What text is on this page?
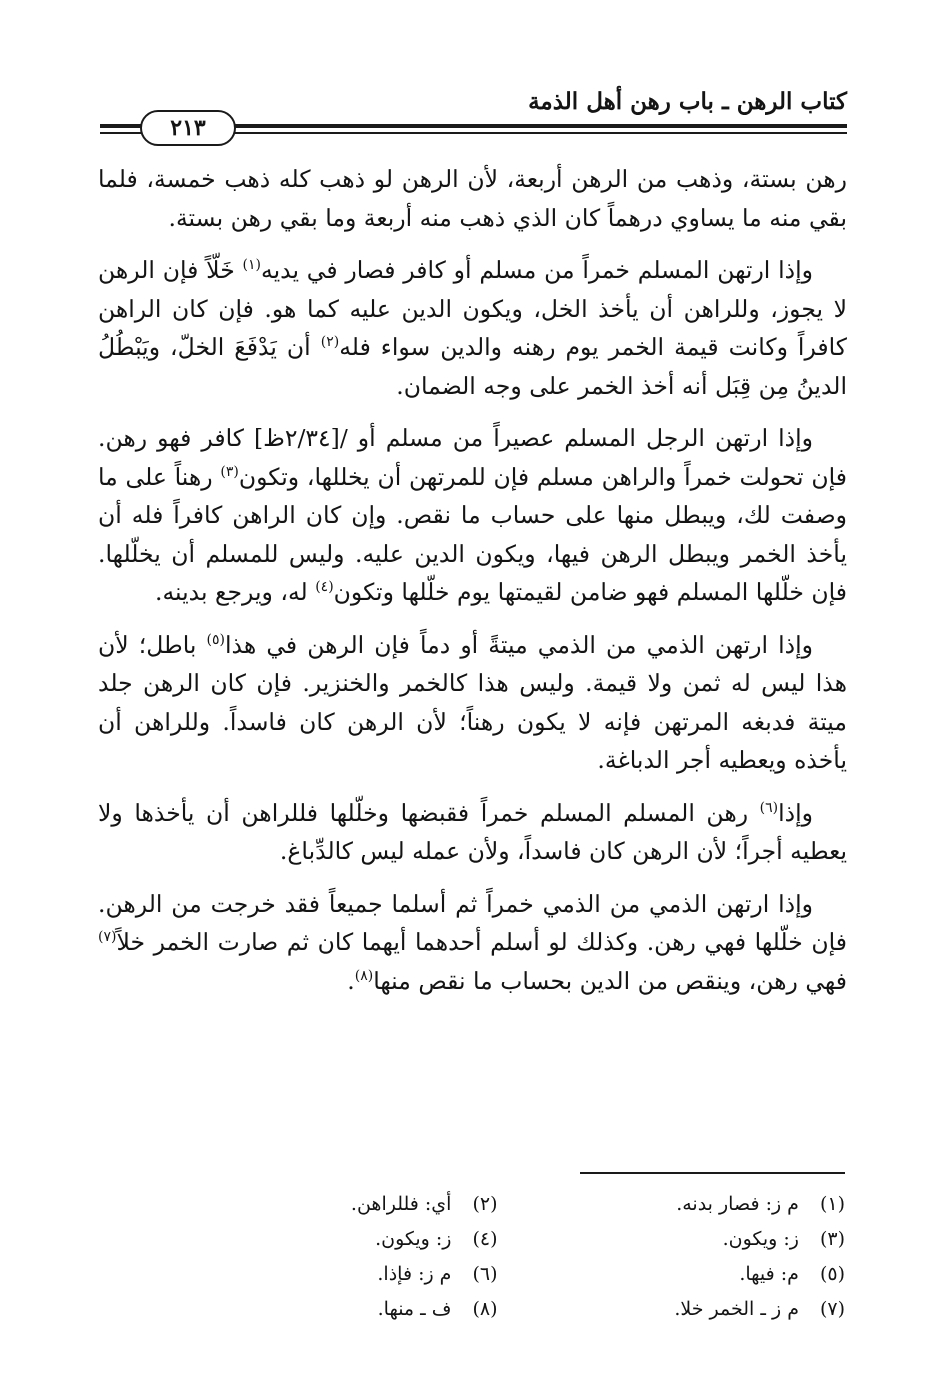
كتاب الرهن ـ باب رهن أهل الذمة
٢١٣

رهن بستة، وذهب من الرهن أربعة، لأن الرهن لو ذهب كله ذهب خمسة، فلما بقي منه ما يساوي درهماً كان الذي ذهب منه أربعة وما بقي رهن بستة.

وإذا ارتهن المسلم خمراً من مسلم أو كافر فصار في يديه$^{(١)}$ خَلّاً فإن الرهن لا يجوز، وللراهن أن يأخذ الخل، ويكون الدين عليه كما هو. فإن كان الراهن كافراً وكانت قيمة الخمر يوم رهنه والدين سواء فله$^{(٢)}$ أن يَدْفَعَ الخلّ، ويَبْطُلُ الدينُ مِن قِبَل أنه أخذ الخمر على وجه الضمان.

وإذا ارتهن الرجل المسلم عصيراً من مسلم أو /[٢/٣٤ظ] كافر فهو رهن. فإن تحولت خمراً والراهن مسلم فإن للمرتهن أن يخللها، وتكون$^{(٣)}$ رهناً على ما وصفت لك، ويبطل منها على حساب ما نقص. وإن كان الراهن كافراً فله أن يأخذ الخمر ويبطل الرهن فيها، ويكون الدين عليه. وليس للمسلم أن يخلّلها. فإن خلّلها المسلم فهو ضامن لقيمتها يوم خلّلها وتكون$^{(٤)}$ له، ويرجع بدينه.

وإذا ارتهن الذمي من الذمي ميتةً أو دماً فإن الرهن في هذا$^{(٥)}$ باطل؛ لأن هذا ليس له ثمن ولا قيمة. وليس هذا كالخمر والخنزير. فإن كان الرهن جلد ميتة فدبغه المرتهن فإنه لا يكون رهناً؛ لأن الرهن كان فاسداً. وللراهن أن يأخذه ويعطيه أجر الدباغة.

وإذا$^{(٦)}$ رهن المسلم المسلم خمراً فقبضها وخلّلها فللراهن أن يأخذها ولا يعطيه أجراً؛ لأن الرهن كان فاسداً، ولأن عمله ليس كالدِّباغ.

وإذا ارتهن الذمي من الذمي خمراً ثم أسلما جميعاً فقد خرجت من الرهن. فإن خلّلها فهي رهن. وكذلك لو أسلم أحدهما أيهما كان ثم صارت الخمر خلاً$^{(٧)}$ فهي رهن، وينقص من الدين بحساب ما نقص منها$^{(٨)}$.

(١) م ز: فصار بدنه.
(٢) أي: فللراهن.
(٣) ز: ويكون.
(٤) ز: ويكون.
(٥) م: فيها.
(٦) م ز: فإذا.
(٧) م ز ـ الخمر خلا.
(٨) ف ـ منها.
